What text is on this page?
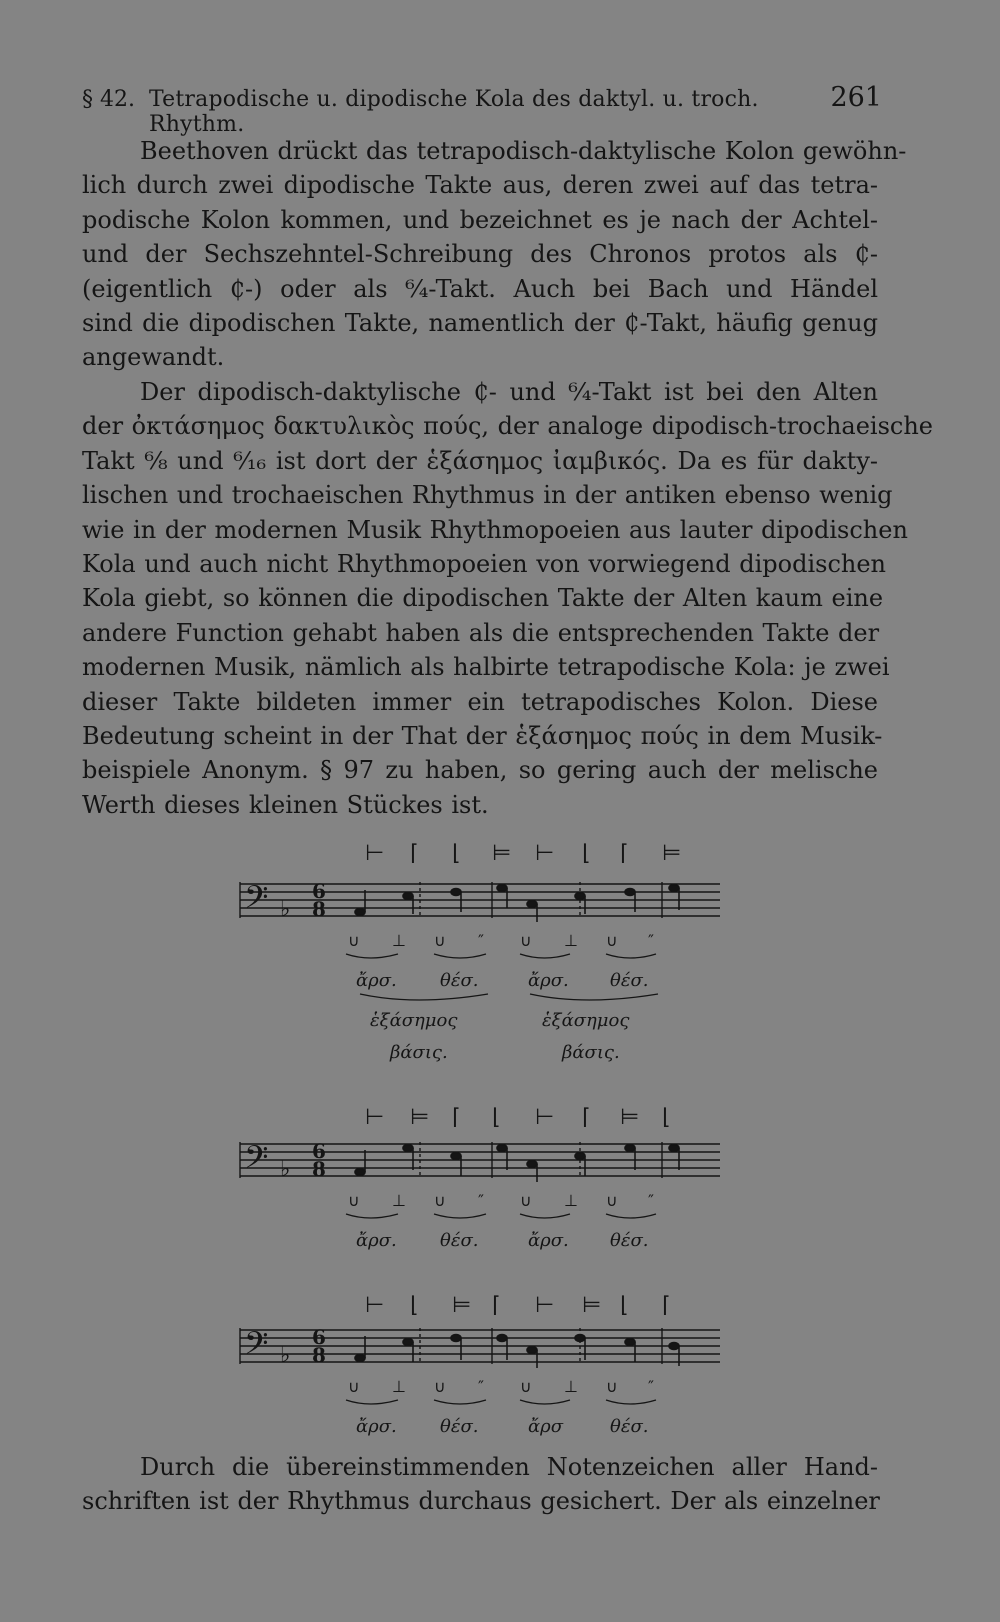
§ 42. Tetrapodische u. dipodische Kola des daktyl. u. troch. Rhythm.
261
Beethoven drückt das tetrapodisch-daktylische Kolon gewöhn-
lich durch zwei dipodische Takte aus, deren zwei auf das tetra-
podische Kolon kommen, und bezeichnet es je nach der Achtel-
und der Sechszehntel-Schreibung des Chronos protos als ₵-
(eigentlich ₵-) oder als ⁶⁄₄-Takt. Auch bei Bach und Händel
sind die dipodischen Takte, namentlich der ₵-Takt, häufig genug
angewandt.
Der dipodisch-daktylische ₵- und ⁶⁄₄-Takt ist bei den Alten
der ὀκτάσημος δακτυλικὸς πούς, der analoge dipodisch-trochaeische
Takt ⁶⁄₈ und ⁶⁄₁₆ ist dort der ἑξάσημος ἰαμβικός. Da es für dakty-
lischen und trochaeischen Rhythmus in der antiken ebenso wenig
wie in der modernen Musik Rhythmopoeien aus lauter dipodischen
Kola und auch nicht Rhythmopoeien von vorwiegend dipodischen
Kola giebt, so können die dipodischen Takte der Alten kaum eine
andere Function gehabt haben als die entsprechenden Takte der
modernen Musik, nämlich als halbirte tetrapodische Kola: je zwei
dieser Takte bildeten immer ein tetrapodisches Kolon. Diese
Bedeutung scheint in der That der ἑξάσημος πούς in dem Musik-
beispiele Anonym. § 97 zu haben, so gering auch der melische
Werth dieses kleinen Stückes ist.
⊢ ⌈ ⌊ ⊨ ⊢ ⌊ ⌈ ⊨
𝄢 ♭
6
8
∪ ⊥ ∪ ″ ∪ ⊥ ∪ ″
ἄρσ. θέσ.	ἄρσ. θέσ.
ἑξάσημος
βάσις.
ἑξάσημος
βάσις.
⊢ ⊨ ⌈ ⌊ ⊢ ⌈ ⊨ ⌊
𝄢 ♭
6
8
∪ ⊥ ∪ ″ ∪ ⊥ ∪ ″
ἄρσ. θέσ.	ἄρσ. θέσ.
⊢ ⌊ ⊨ ⌈ ⊢ ⊨ ⌊ ⌈
𝄢 ♭
6
8
∪ ⊥ ∪ ″ ∪ ⊥ ∪ ″
ἄρσ. θέσ.	ἄρσ	θέσ.
Durch die übereinstimmenden Notenzeichen aller Hand-
schriften ist der Rhythmus durchaus gesichert. Der als einzelner
